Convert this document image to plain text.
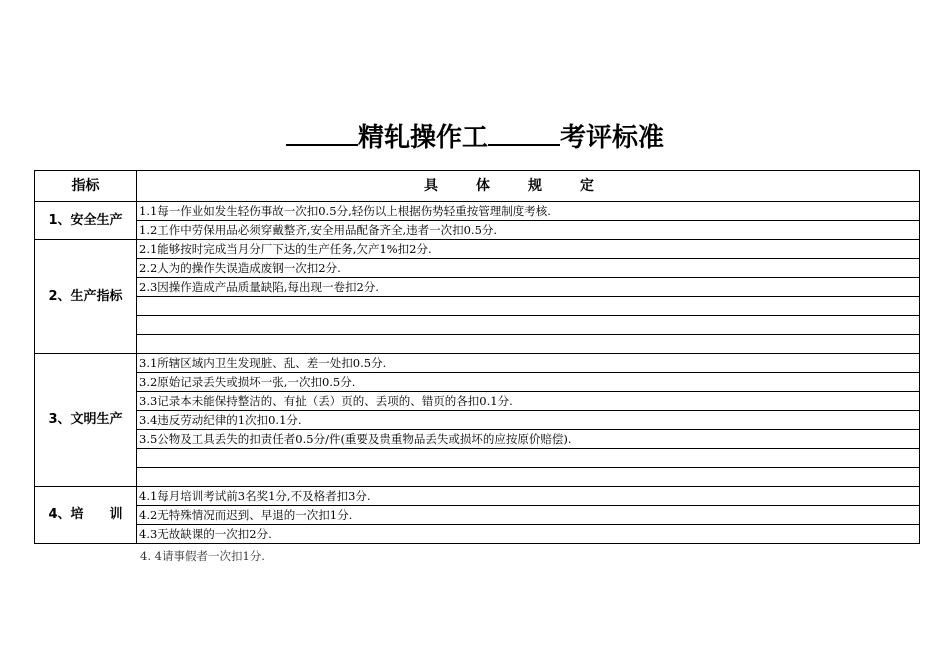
精轧操作工	考评标准
指标	具体规定
1、安全生产	1.1每一作业如发生轻伤事故一次扣0.5分,轻伤以上根据伤势轻重按管理制度考核.
	1.2工作中劳保用品必须穿戴整齐,安全用品配备齐全,违者一次扣0.5分.
2、生产指标	2.1能够按时完成当月分厂下达的生产任务,欠产1%扣2分.
	2.2人为的操作失误造成废钢一次扣2分.
	2.3因操作造成产品质量缺陷,每出现一卷扣2分.

3、文明生产	3.1所辖区域内卫生发现脏、乱、差一处扣0.5分.
	3.2原始记录丢失或损坏一张,一次扣0.5分.
	3.3记录本未能保持整洁的、有扯（丢）页的、丢项的、错页的各扣0.1分.
	3.4违反劳动纪律的1次扣0.1分.
	3.5公物及工具丢失的扣责任者0.5分/件(重要及贵重物品丢失或损坏的应按原价赔偿).

4、培　　训	4.1每月培训考试前3名奖1分,不及格者扣3分.
	4.2无特殊情况而迟到、早退的一次扣1分.
	4.3无故缺课的一次扣2分.
4. 4请事假者一次扣1分.
